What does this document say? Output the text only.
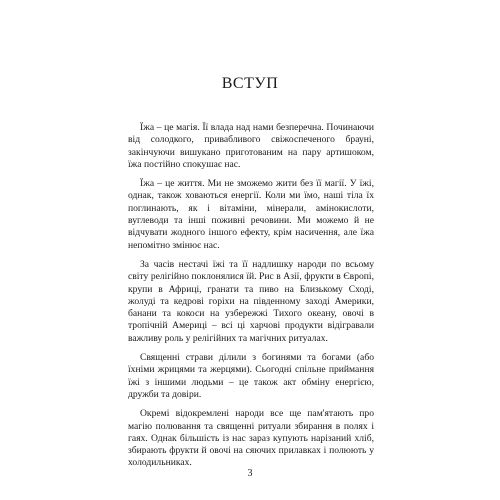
ВСТУП

Їжа – це магія. Її влада над нами безперечна. Починаючи від солодкого, привабливого свіжоспеченого брауні, закінчуючи вишукано приготованим на пару артишоком, їжа постійно спокушає нас.

Їжа – це життя. Ми не зможемо жити без її магії. У їжі, однак, також ховаються енергії. Коли ми їмо, наші тіла їх поглинають, як і вітаміни, мінерали, амінокислоти, вуглеводи та інші поживні речовини. Ми можемо й не відчувати жодного іншого ефекту, крім насичення, але їжа непомітно змінює нас.

За часів нестачі їжі та її надлишку народи по всьому світу релігійно поклонялися їй. Рис в Азії, фрукти в Європі, крупи в Африці, гранати та пиво на Близькому Сході, жолуді та кедрові горіхи на південному заході Америки, банани та кокоси на узбережжі Тихого океану, овочі в тропічній Америці – всі ці харчові продукти відігравали важливу роль у релігійних та магічних ритуалах.

Священні страви ділили з богинями та богами (або їхніми жрицями та жерцями). Сьогодні спільне приймання їжі з іншими людьми – це також акт обміну енергією, дружби та довіри.

Окремі відокремлені народи все ще пам'ятають про магію полювання та священні ритуали збирання в полях і гаях. Однак більшість із нас зараз купують нарізаний хліб, збирають фрукти й овочі на сяючих прилавках і полюють у холодильниках.

3
